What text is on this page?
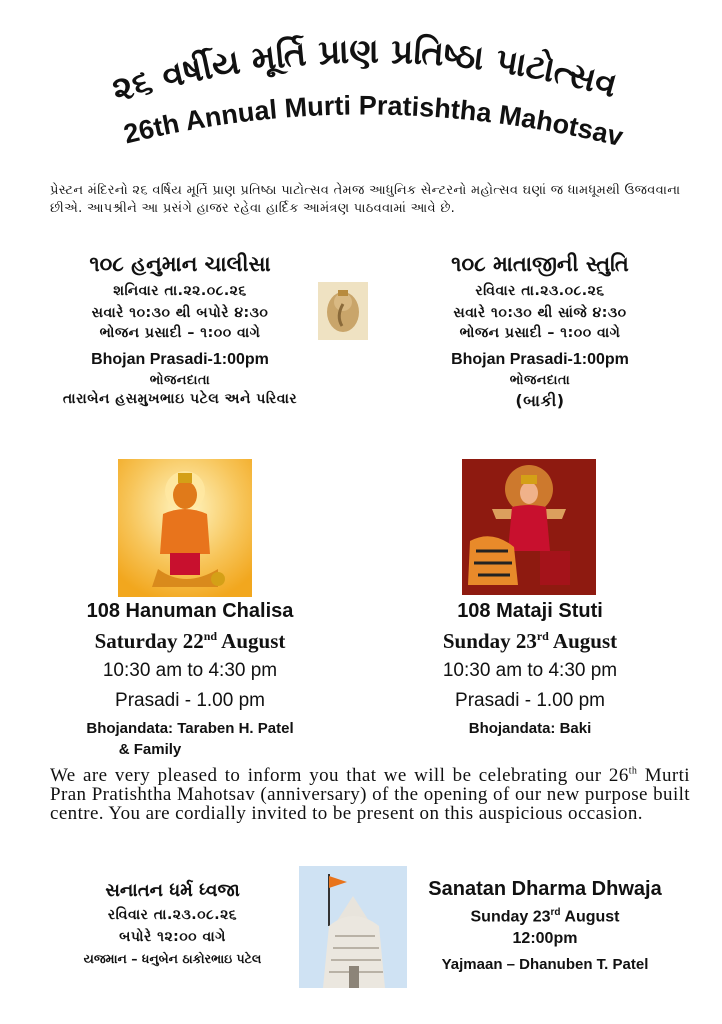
૨૬ વર્ષીય મૂર્તિ પ્રાણ પ્રતિષ્ઠા પાટોત્સવ
26th Annual Murti Pratishtha Mahotsav
પ્રેસ્ટન મંદિરનો ૨૬ વર્ષિય મૂર્તિ પ્રાણ પ્રતિષ્ઠા પાટોત્સવ તેમજ આધુનિક સેન્ટરનો મહોત્સવ ઘણાં જ ધામધૂમથી ઉજવવાના છીએ. આપશ્રીને આ પ્રસંગે હાજર રહેવા હાર્દિક આમંત્રણ પાઠવવામાં આવે છે.
૧૦૮ હનુમાન ચાલીસા
શનિવાર તા.૨૨.૦૮.૨૬
સવારે ૧૦:૩૦ થી બપોરે ૪:૩૦
ભોજન પ્રસાદી – ૧:૦૦ વાગે
Bhojan Prasadi-1:00pm
ભોજનદાતા
તારાબેન હસમુખભાઇ પટેલ અને પરિવાર
૧૦૮ માતાજીની સ્તુતિ
રવિવાર તા.૨૩.૦૮.૨૬
સવારે ૧૦:૩૦ થી સાંજે ૪:૩૦
ભોજન પ્રસાદી – ૧:૦૦ વાગે
Bhojan Prasadi-1:00pm
ભોજનદાતા
(બાકી)
108 Hanuman Chalisa
Saturday 22nd August
10:30 am to 4:30 pm
Prasadi - 1.00 pm
Bhojandata: Taraben H. Patel
& Family
108 Mataji Stuti
Sunday 23rd August
10:30 am to 4:30 pm
Prasadi - 1.00 pm
Bhojandata: Baki
We are very pleased to inform you that we will be celebrating our 26th Murti Pran Pratishtha Mahotsav (anniversary) of the opening of our new purpose built centre. You are cordially invited to be present on this auspicious occasion.
સનાતન ધર્મ ધ્વજા
રવિવાર તા.૨૩.૦૮.૨૬
બપોરે ૧૨:૦૦ વાગે
યજમાન – ધનુબેન ઠાકોરભાઇ પટેલ
Sanatan Dharma Dhwaja
Sunday 23rd August
12:00pm
Yajmaan – Dhanuben T. Patel
